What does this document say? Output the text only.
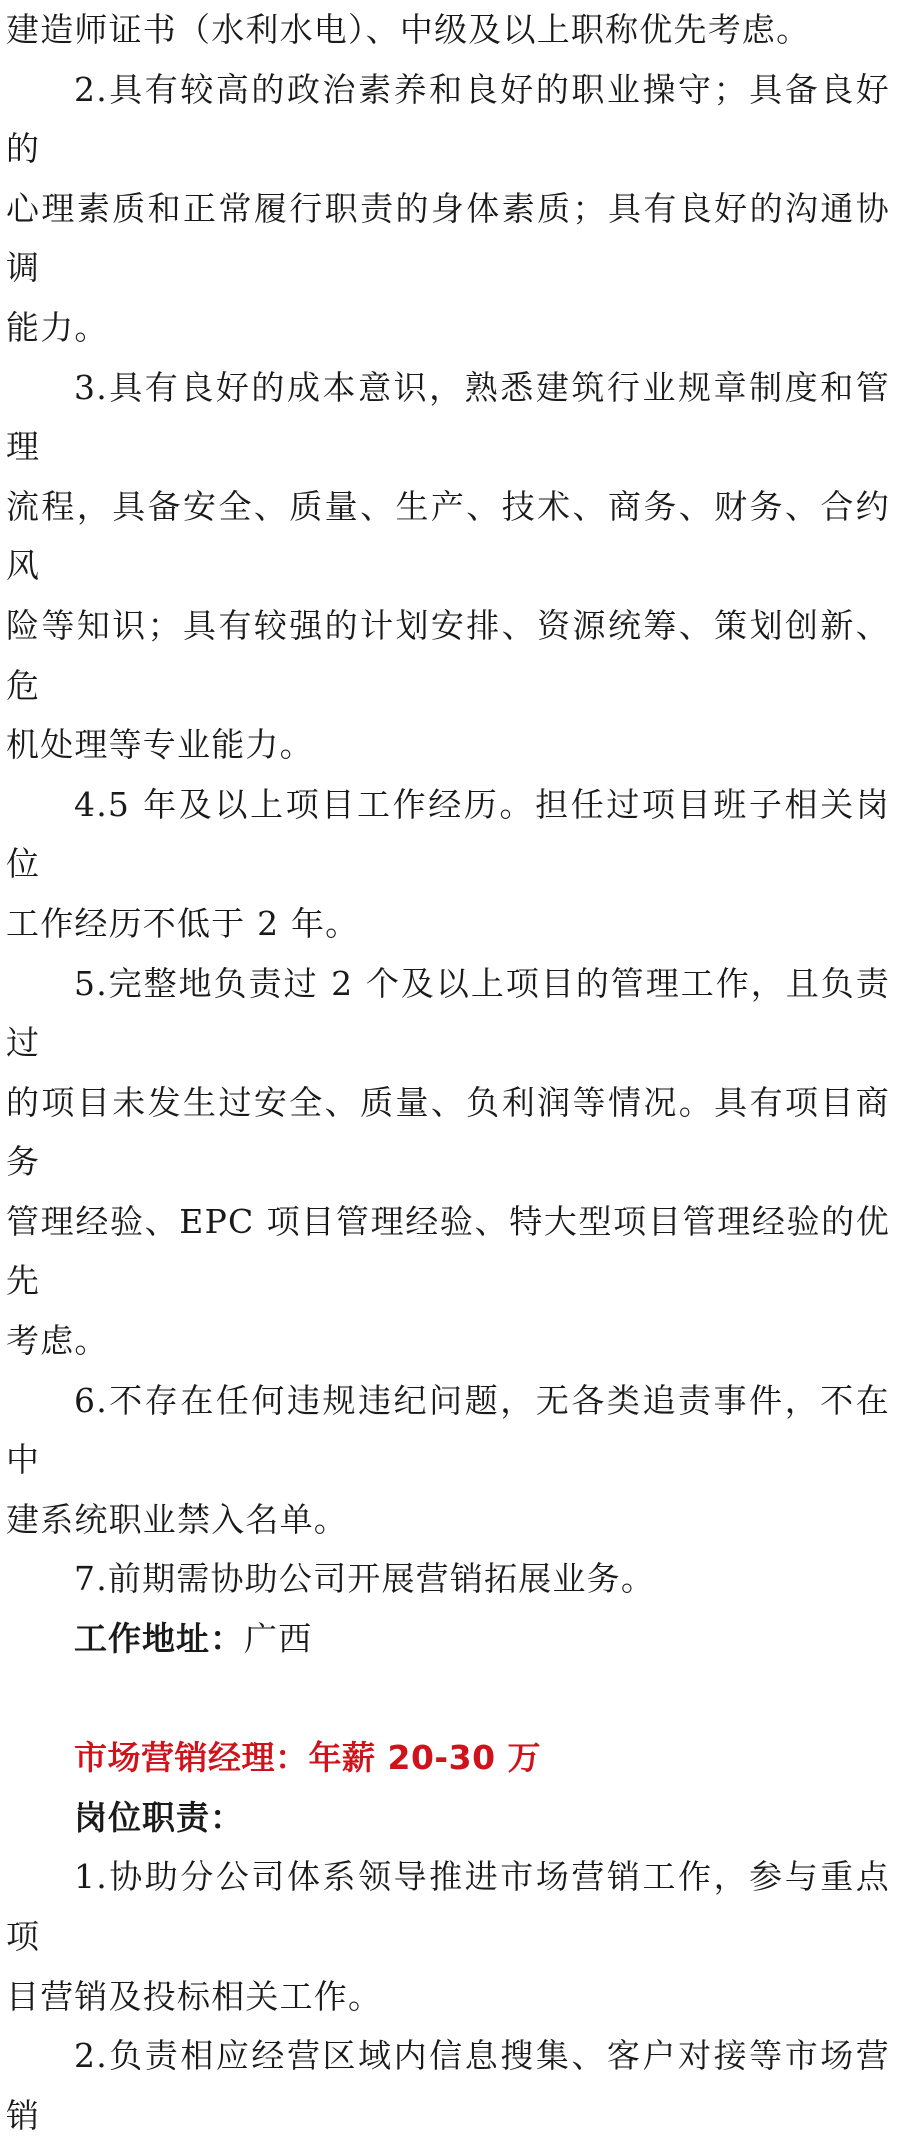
建造师证书（水利水电）、中级及以上职称优先考虑。

2.具有较高的政治素养和良好的职业操守；具备良好的
心理素质和正常履行职责的身体素质；具有良好的沟通协调
能力。

3.具有良好的成本意识，熟悉建筑行业规章制度和管理
流程，具备安全、质量、生产、技术、商务、财务、合约风
险等知识；具有较强的计划安排、资源统筹、策划创新、危
机处理等专业能力。

4.5 年及以上项目工作经历。担任过项目班子相关岗位
工作经历不低于 2 年。

5.完整地负责过 2 个及以上项目的管理工作，且负责过
的项目未发生过安全、质量、负利润等情况。具有项目商务
管理经验、EPC 项目管理经验、特大型项目管理经验的优先
考虑。

6.不存在任何违规违纪问题，无各类追责事件，不在中
建系统职业禁入名单。

7.前期需协助公司开展营销拓展业务。

工作地址：广西

市场营销经理：年薪 20-30 万

岗位职责：

1.协助分公司体系领导推进市场营销工作，参与重点项
目营销及投标相关工作。

2.负责相应经营区域内信息搜集、客户对接等市场营销
